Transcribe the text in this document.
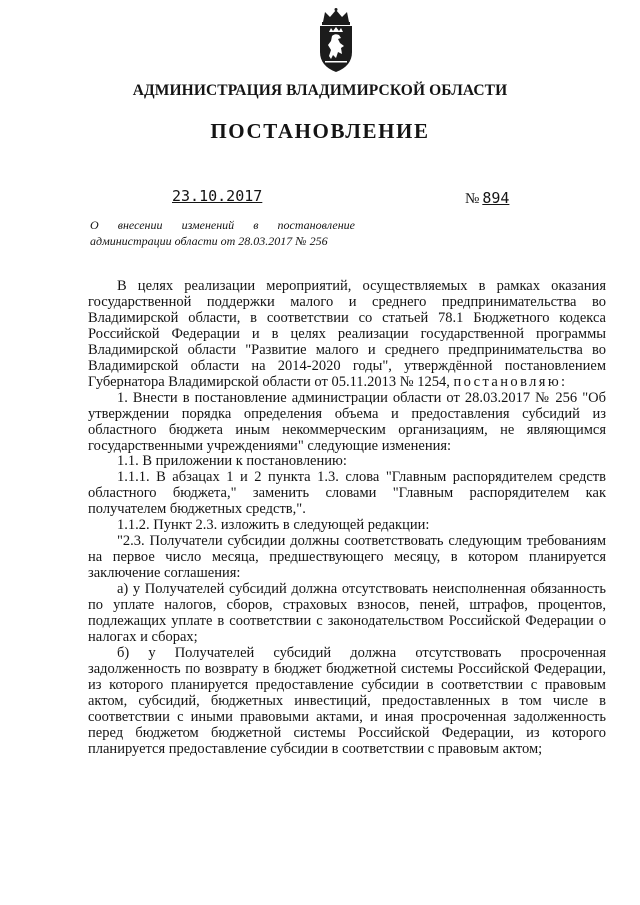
АДМИНИСТРАЦИЯ ВЛАДИМИРСКОЙ ОБЛАСТИ
ПОСТАНОВЛЕНИЕ
23.10.2017	№ 894
О внесении изменений в постановление
администрации области от 28.03.2017 № 256

В целях реализации мероприятий, осуществляемых в рамках оказания государственной поддержки малого и среднего предпринимательства во Владимирской области, в соответствии со статьей 78.1 Бюджетного кодекса Российской Федерации и в целях реализации государственной программы Владимирской области "Развитие малого и среднего предпринимательства во Владимирской области на 2014-2020 годы", утверждённой постановлением Губернатора Владимирской области от 05.11.2013 № 1254, постановляю:

1. Внести в постановление администрации области от 28.03.2017 № 256 "Об утверждении порядка определения объема и предоставления субсидий из областного бюджета иным некоммерческим организациям, не являющимся государственными учреждениями" следующие изменения:

1.1. В приложении к постановлению:

1.1.1. В абзацах 1 и 2 пункта 1.3. слова "Главным распорядителем средств областного бюджета," заменить словами "Главным распорядителем как получателем бюджетных средств,".

1.1.2. Пункт 2.3. изложить в следующей редакции:

"2.3. Получатели субсидии должны соответствовать следующим требованиям на первое число месяца, предшествующего месяцу, в котором планируется заключение соглашения:

а) у Получателей субсидий должна отсутствовать неисполненная обязанность по уплате налогов, сборов, страховых взносов, пеней, штрафов, процентов, подлежащих уплате в соответствии с законодательством Российской Федерации о налогах и сборах;

б) у Получателей субсидий должна отсутствовать просроченная задолженность по возврату в бюджет бюджетной системы Российской Федерации, из которого планируется предоставление субсидии в соответствии с правовым актом, субсидий, бюджетных инвестиций, предоставленных в том числе в соответствии с иными правовыми актами, и иная просроченная задолженность перед бюджетом бюджетной системы Российской Федерации, из которого планируется предоставление субсидии в соответствии с правовым актом;
